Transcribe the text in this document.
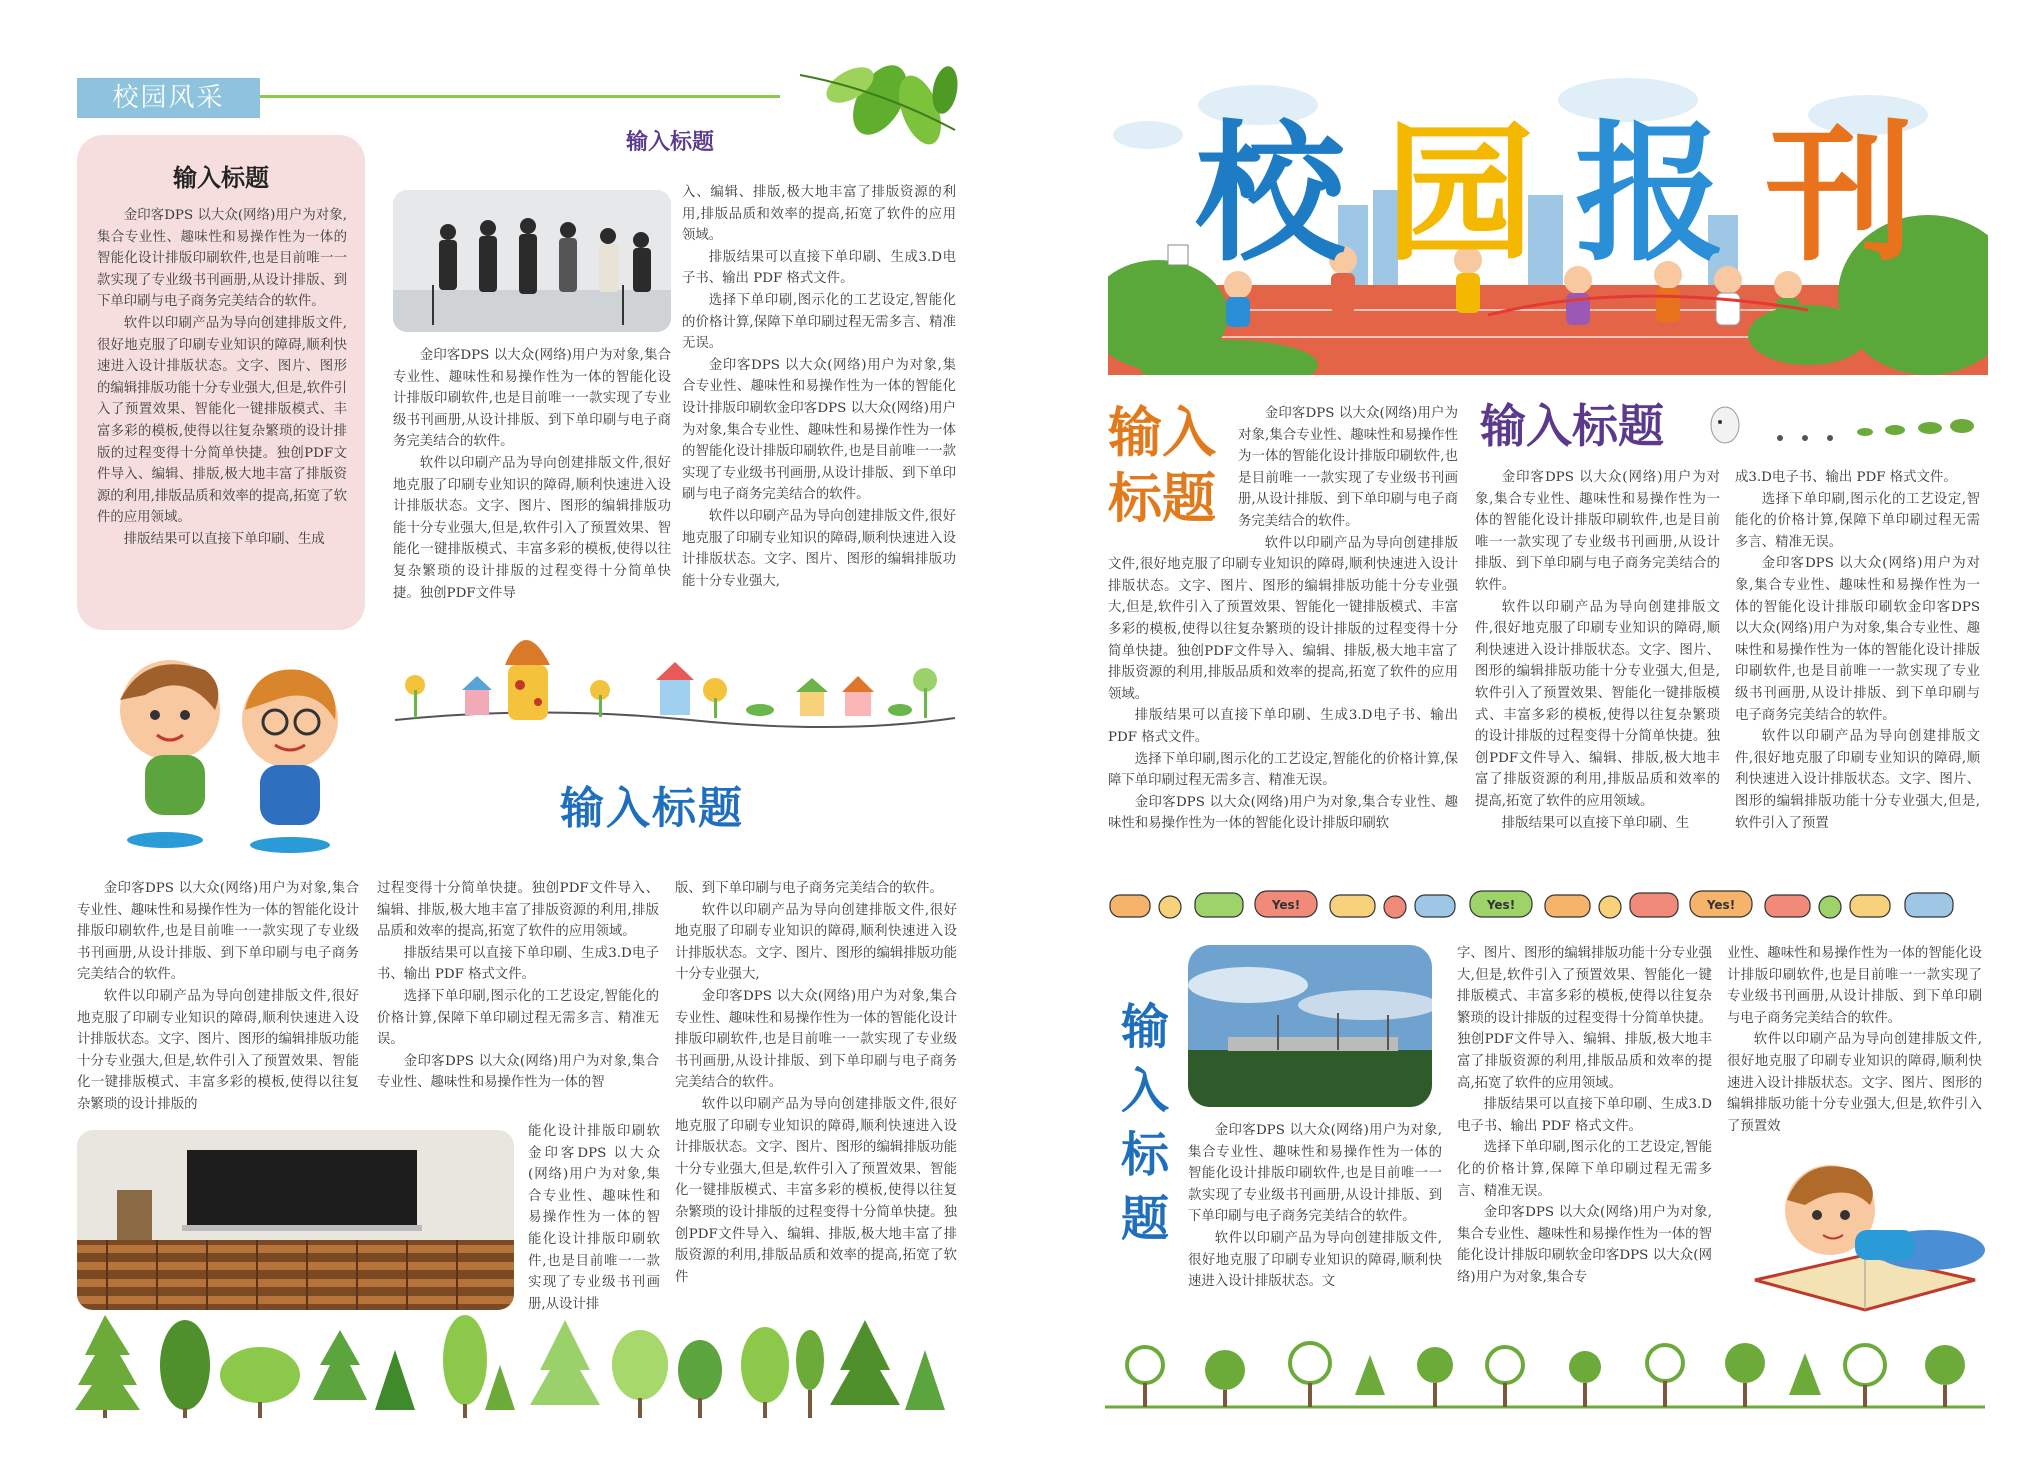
校园风采
输入标题

金印客DPS 以大众(网络)用户为对象,集合专业性、趣味性和易操作性为一体的智能化设计排版印刷软件,也是目前唯一一款实现了专业级书刊画册,从设计排版、到下单印刷与电子商务完美结合的软件。

软件以印刷产品为导向创建排版文件,很好地克服了印刷专业知识的障碍,顺利快速进入设计排版状态。文字、图片、图形的编辑排版功能十分专业强大,但是,软件引入了预置效果、智能化一键排版模式、丰富多彩的模板,使得以往复杂繁琐的设计排版的过程变得十分简单快捷。独创PDF文件导入、编辑、排版,极大地丰富了排版资源的利用,排版品质和效率的提高,拓宽了软件的应用领域。

排版结果可以直接下单印刷、生成

输入标题

金印客DPS 以大众(网络)用户为对象,集合专业性、趣味性和易操作性为一体的智能化设计排版印刷软件,也是目前唯一一款实现了专业级书刊画册,从设计排版、到下单印刷与电子商务完美结合的软件。

软件以印刷产品为导向创建排版文件,很好地克服了印刷专业知识的障碍,顺利快速进入设计排版状态。文字、图片、图形的编辑排版功能十分专业强大,但是,软件引入了预置效果、智能化一键排版模式、丰富多彩的模板,使得以往复杂繁琐的设计排版的过程变得十分简单快捷。独创PDF文件导

入、编辑、排版,极大地丰富了排版资源的利用,排版品质和效率的提高,拓宽了软件的应用领域。

排版结果可以直接下单印刷、生成3.D电子书、输出 PDF 格式文件。

选择下单印刷,图示化的工艺设定,智能化的价格计算,保障下单印刷过程无需多言、精准无误。

金印客DPS 以大众(网络)用户为对象,集合专业性、趣味性和易操作性为一体的智能化设计排版印刷软金印客DPS 以大众(网络)用户为对象,集合专业性、趣味性和易操作性为一体的智能化设计排版印刷软件,也是目前唯一一款实现了专业级书刊画册,从设计排版、到下单印刷与电子商务完美结合的软件。

软件以印刷产品为导向创建排版文件,很好地克服了印刷专业知识的障碍,顺利快速进入设计排版状态。文字、图片、图形的编辑排版功能十分专业强大,

输入标题

金印客DPS 以大众(网络)用户为对象,集合专业性、趣味性和易操作性为一体的智能化设计排版印刷软件,也是目前唯一一款实现了专业级书刊画册,从设计排版、到下单印刷与电子商务完美结合的软件。

软件以印刷产品为导向创建排版文件,很好地克服了印刷专业知识的障碍,顺利快速进入设计排版状态。文字、图片、图形的编辑排版功能十分专业强大,但是,软件引入了预置效果、智能化一键排版模式、丰富多彩的模板,使得以往复杂繁琐的设计排版的

过程变得十分简单快捷。独创PDF文件导入、编辑、排版,极大地丰富了排版资源的利用,排版品质和效率的提高,拓宽了软件的应用领域。

排版结果可以直接下单印刷、生成3.D电子书、输出 PDF 格式文件。

选择下单印刷,图示化的工艺设定,智能化的价格计算,保障下单印刷过程无需多言、精准无误。

金印客DPS 以大众(网络)用户为对象,集合专业性、趣味性和易操作性为一体的智

能化设计排版印刷软金印客DPS 以大众(网络)用户为对象,集合专业性、趣味性和易操作性为一体的智能化设计排版印刷软件,也是目前唯一一款实现了专业级书刊画册,从设计排

版、到下单印刷与电子商务完美结合的软件。

软件以印刷产品为导向创建排版文件,很好地克服了印刷专业知识的障碍,顺利快速进入设计排版状态。文字、图片、图形的编辑排版功能十分专业强大,

金印客DPS 以大众(网络)用户为对象,集合专业性、趣味性和易操作性为一体的智能化设计排版印刷软件,也是目前唯一一款实现了专业级书刊画册,从设计排版、到下单印刷与电子商务完美结合的软件。

软件以印刷产品为导向创建排版文件,很好地克服了印刷专业知识的障碍,顺利快速进入设计排版状态。文字、图片、图形的编辑排版功能十分专业强大,但是,软件引入了预置效果、智能化一键排版模式、丰富多彩的模板,使得以往复杂繁琐的设计排版的过程变得十分简单快捷。独创PDF文件导入、编辑、排版,极大地丰富了排版资源的利用,排版品质和效率的提高,拓宽了软件

校 园 报 刊
输入
标题

金印客DPS 以大众(网络)用户为对象,集合专业性、趣味性和易操作性为一体的智能化设计排版印刷软件,也是目前唯一一款实现了专业级书刊画册,从设计排版、到下单印刷与电子商务完美结合的软件。

软件以印刷产品为导向创建排版文件,很好地克服了印刷专业知识的障碍,顺利快速进入设计排版状态。文字、图片、图形的编辑排版功能十分专业强大,但是,软件引入了预置效果、智能化一键排版模式、丰富多彩的模板,使得以往复杂繁琐的设计排版的过程变得十分简单快捷。独创PDF文件导入、编辑、排版,极大地丰富了排版资源的利用,排版品质和效率的提高,拓宽了软件的应用领域。

排版结果可以直接下单印刷、生成3.D电子书、输出 PDF 格式文件。

选择下单印刷,图示化的工艺设定,智能化的价格计算,保障下单印刷过程无需多言、精准无误。

金印客DPS 以大众(网络)用户为对象,集合专业性、趣味性和易操作性为一体的智能化设计排版印刷软

输入标题

金印客DPS 以大众(网络)用户为对象,集合专业性、趣味性和易操作性为一体的智能化设计排版印刷软件,也是目前唯一一款实现了专业级书刊画册,从设计排版、到下单印刷与电子商务完美结合的软件。

软件以印刷产品为导向创建排版文件,很好地克服了印刷专业知识的障碍,顺利快速进入设计排版状态。文字、图片、图形的编辑排版功能十分专业强大,但是,软件引入了预置效果、智能化一键排版模式、丰富多彩的模板,使得以往复杂繁琐的设计排版的过程变得十分简单快捷。独创PDF文件导入、编辑、排版,极大地丰富了排版资源的利用,排版品质和效率的提高,拓宽了软件的应用领域。

排版结果可以直接下单印刷、生

成3.D电子书、输出 PDF 格式文件。

选择下单印刷,图示化的工艺设定,智能化的价格计算,保障下单印刷过程无需多言、精准无误。

金印客DPS 以大众(网络)用户为对象,集合专业性、趣味性和易操作性为一体的智能化设计排版印刷软金印客DPS 以大众(网络)用户为对象,集合专业性、趣味性和易操作性为一体的智能化设计排版印刷软件,也是目前唯一一款实现了专业级书刊画册,从设计排版、到下单印刷与电子商务完美结合的软件。

软件以印刷产品为导向创建排版文件,很好地克服了印刷专业知识的障碍,顺利快速进入设计排版状态。文字、图片、图形的编辑排版功能十分专业强大,但是,软件引入了预置

Yes!	Yes!	Yes!
输
入
标
题

金印客DPS 以大众(网络)用户为对象,集合专业性、趣味性和易操作性为一体的智能化设计排版印刷软件,也是目前唯一一款实现了专业级书刊画册,从设计排版、到下单印刷与电子商务完美结合的软件。

软件以印刷产品为导向创建排版文件,很好地克服了印刷专业知识的障碍,顺利快速进入设计排版状态。文

字、图片、图形的编辑排版功能十分专业强大,但是,软件引入了预置效果、智能化一键排版模式、丰富多彩的模板,使得以往复杂繁琐的设计排版的过程变得十分简单快捷。独创PDF文件导入、编辑、排版,极大地丰富了排版资源的利用,排版品质和效率的提高,拓宽了软件的应用领域。

排版结果可以直接下单印刷、生成3.D电子书、输出 PDF 格式文件。

选择下单印刷,图示化的工艺设定,智能化的价格计算,保障下单印刷过程无需多言、精准无误。

金印客DPS 以大众(网络)用户为对象,集合专业性、趣味性和易操作性为一体的智能化设计排版印刷软金印客DPS 以大众(网络)用户为对象,集合专

业性、趣味性和易操作性为一体的智能化设计排版印刷软件,也是目前唯一一款实现了专业级书刊画册,从设计排版、到下单印刷与电子商务完美结合的软件。

软件以印刷产品为导向创建排版文件,很好地克服了印刷专业知识的障碍,顺利快速进入设计排版状态。文字、图片、图形的编辑排版功能十分专业强大,但是,软件引入了预置效
